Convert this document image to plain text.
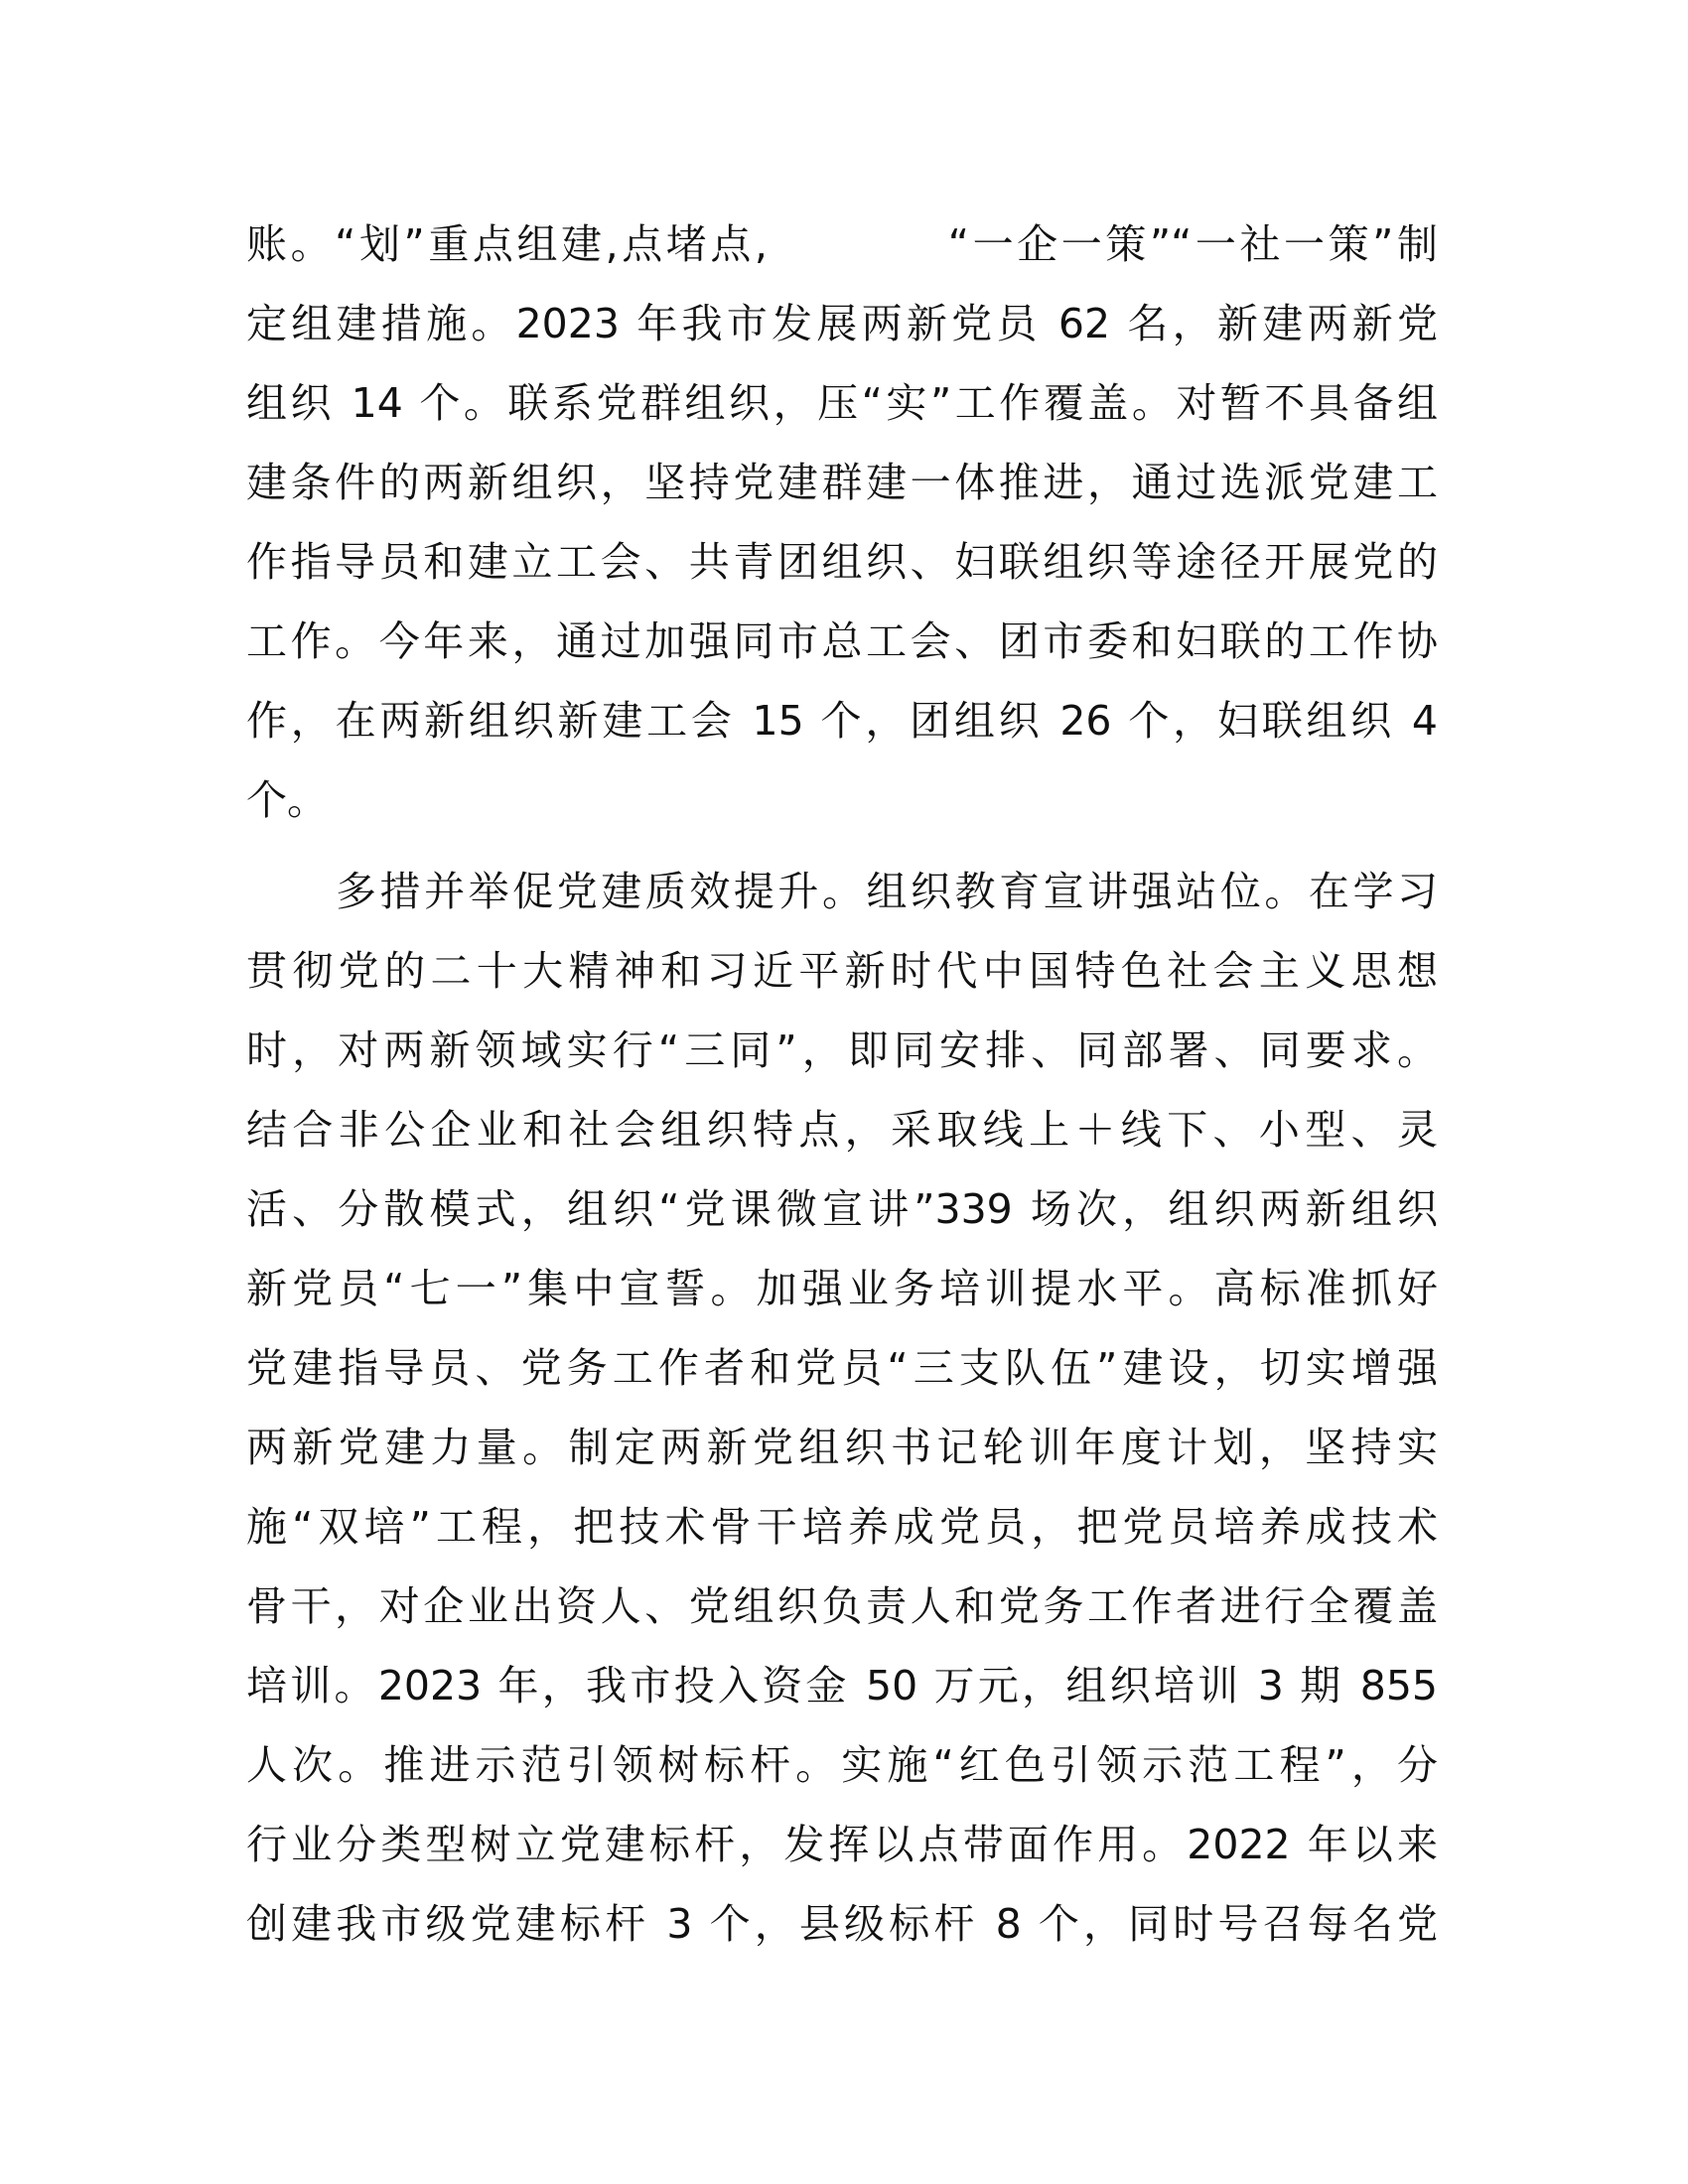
账。“划”重点组建,点堵点,　　　　“一企一策”“一社一策”制
定组建措施。2023 年我市发展两新党员 62 名，新建两新党
组织 14 个。联系党群组织，压“实”工作覆盖。对暂不具备组
建条件的两新组织，坚持党建群建一体推进，通过选派党建工
作指导员和建立工会、共青团组织、妇联组织等途径开展党的
工作。今年来，通过加强同市总工会、团市委和妇联的工作协
作，在两新组织新建工会 15 个，团组织 26 个，妇联组织 4
个。
多措并举促党建质效提升。组织教育宣讲强站位。在学习
贯彻党的二十大精神和习近平新时代中国特色社会主义思想
时，对两新领域实行“三同”，即同安排、同部署、同要求。
结合非公企业和社会组织特点，采取线上＋线下、小型、灵
活、分散模式，组织“党课微宣讲”339 场次，组织两新组织
新党员“七一”集中宣誓。加强业务培训提水平。高标准抓好
党建指导员、党务工作者和党员“三支队伍”建设，切实增强
两新党建力量。制定两新党组织书记轮训年度计划，坚持实
施“双培”工程，把技术骨干培养成党员，把党员培养成技术
骨干，对企业出资人、党组织负责人和党务工作者进行全覆盖
培训。2023 年，我市投入资金 50 万元，组织培训 3 期 855
人次。推进示范引领树标杆。实施“红色引领示范工程”，分
行业分类型树立党建标杆，发挥以点带面作用。2022 年以来
创建我市级党建标杆 3 个，县级标杆 8 个，同时号召每名党
